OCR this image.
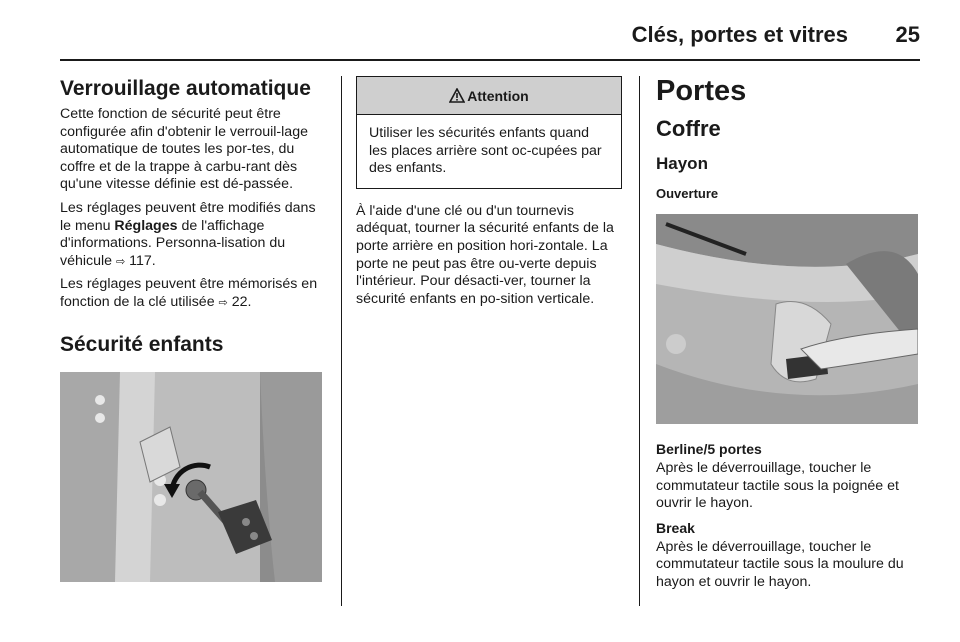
Clés, portes et vitres 25
Verrouillage automatique

Cette fonction de sécurité peut être configurée afin d'obtenir le verrouil-lage automatique de toutes les por-tes, du coffre et de la trappe à carbu-rant dès qu'une vitesse définie est dé-passée.

Les réglages peuvent être modifiés dans le menu Réglages de l'affichage d'informations. Personna-lisation du véhicule ⇨ 117.

Les réglages peuvent être mémorisés en fonction de la clé utilisée ⇨ 22.

Sécurité enfants
Attention
Utiliser les sécurités enfants quand les places arrière sont oc-cupées par des enfants.

À l'aide d'une clé ou d'un tournevis adéquat, tourner la sécurité enfants de la porte arrière en position hori-zontale. La porte ne peut pas être ou-verte depuis l'intérieur. Pour désacti-ver, tourner la sécurité enfants en po-sition verticale.

Portes
Coffre
Hayon
Ouverture
Berline/5 portes

Après le déverrouillage, toucher le commutateur tactile sous la poignée et ouvrir le hayon.

Break

Après le déverrouillage, toucher le commutateur tactile sous la moulure du hayon et ouvrir le hayon.
